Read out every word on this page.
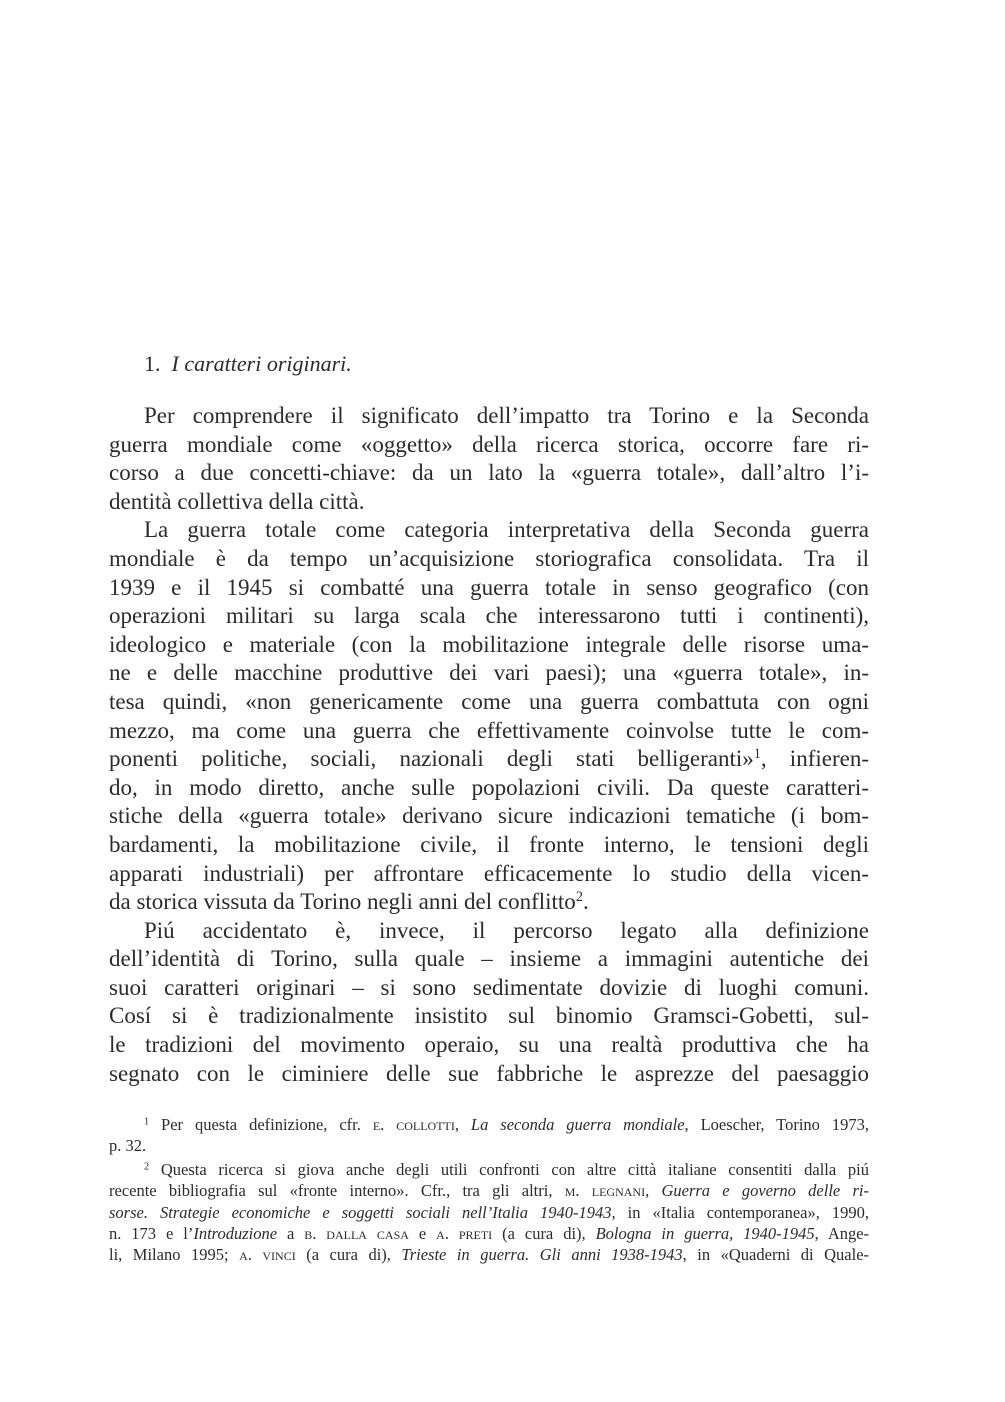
1. I caratteri originari.
Per comprendere il significato dell’impatto tra Torino e la Seconda
guerra mondiale come «oggetto» della ricerca storica, occorre fare ri-
corso a due concetti-chiave: da un lato la «guerra totale», dall’altro l’i-
dentità collettiva della città.
La guerra totale come categoria interpretativa della Seconda guerra
mondiale è da tempo un’acquisizione storiografica consolidata. Tra il
1939 e il 1945 si combatté una guerra totale in senso geografico (con
operazioni militari su larga scala che interessarono tutti i continenti),
ideologico e materiale (con la mobilitazione integrale delle risorse uma-
ne e delle macchine produttive dei vari paesi); una «guerra totale», in-
tesa quindi, «non genericamente come una guerra combattuta con ogni
mezzo, ma come una guerra che effettivamente coinvolse tutte le com-
ponenti politiche, sociali, nazionali degli stati belligeranti»$^1$, infieren-
do, in modo diretto, anche sulle popolazioni civili. Da queste caratteri-
stiche della «guerra totale» derivano sicure indicazioni tematiche (i bom-
bardamenti, la mobilitazione civile, il fronte interno, le tensioni degli
apparati industriali) per affrontare efficacemente lo studio della vicen-
da storica vissuta da Torino negli anni del conflitto$^2$.
Piú accidentato è, invece, il percorso legato alla definizione
dell’identità di Torino, sulla quale – insieme a immagini autentiche dei
suoi caratteri originari – si sono sedimentate dovizie di luoghi comuni.
Cosí si è tradizionalmente insistito sul binomio Gramsci-Gobetti, sul-
le tradizioni del movimento operaio, su una realtà produttiva che ha
segnato con le ciminiere delle sue fabbriche le asprezze del paesaggio
$^1$ Per questa definizione, cfr. e. collotti, La seconda guerra mondiale, Loescher, Torino 1973,
p. 32.
$^2$ Questa ricerca si giova anche degli utili confronti con altre città italiane consentiti dalla piú
recente bibliografia sul «fronte interno». Cfr., tra gli altri, m. legnani, Guerra e governo delle ri-
sorse. Strategie economiche e soggetti sociali nell’Italia 1940-1943, in «Italia contemporanea», 1990,
n. 173 e l’Introduzione a b. dalla casa e a. preti (a cura di), Bologna in guerra, 1940-1945, Ange-
li, Milano 1995; a. vinci (a cura di), Trieste in guerra. Gli anni 1938-1943, in «Quaderni di Quale-
